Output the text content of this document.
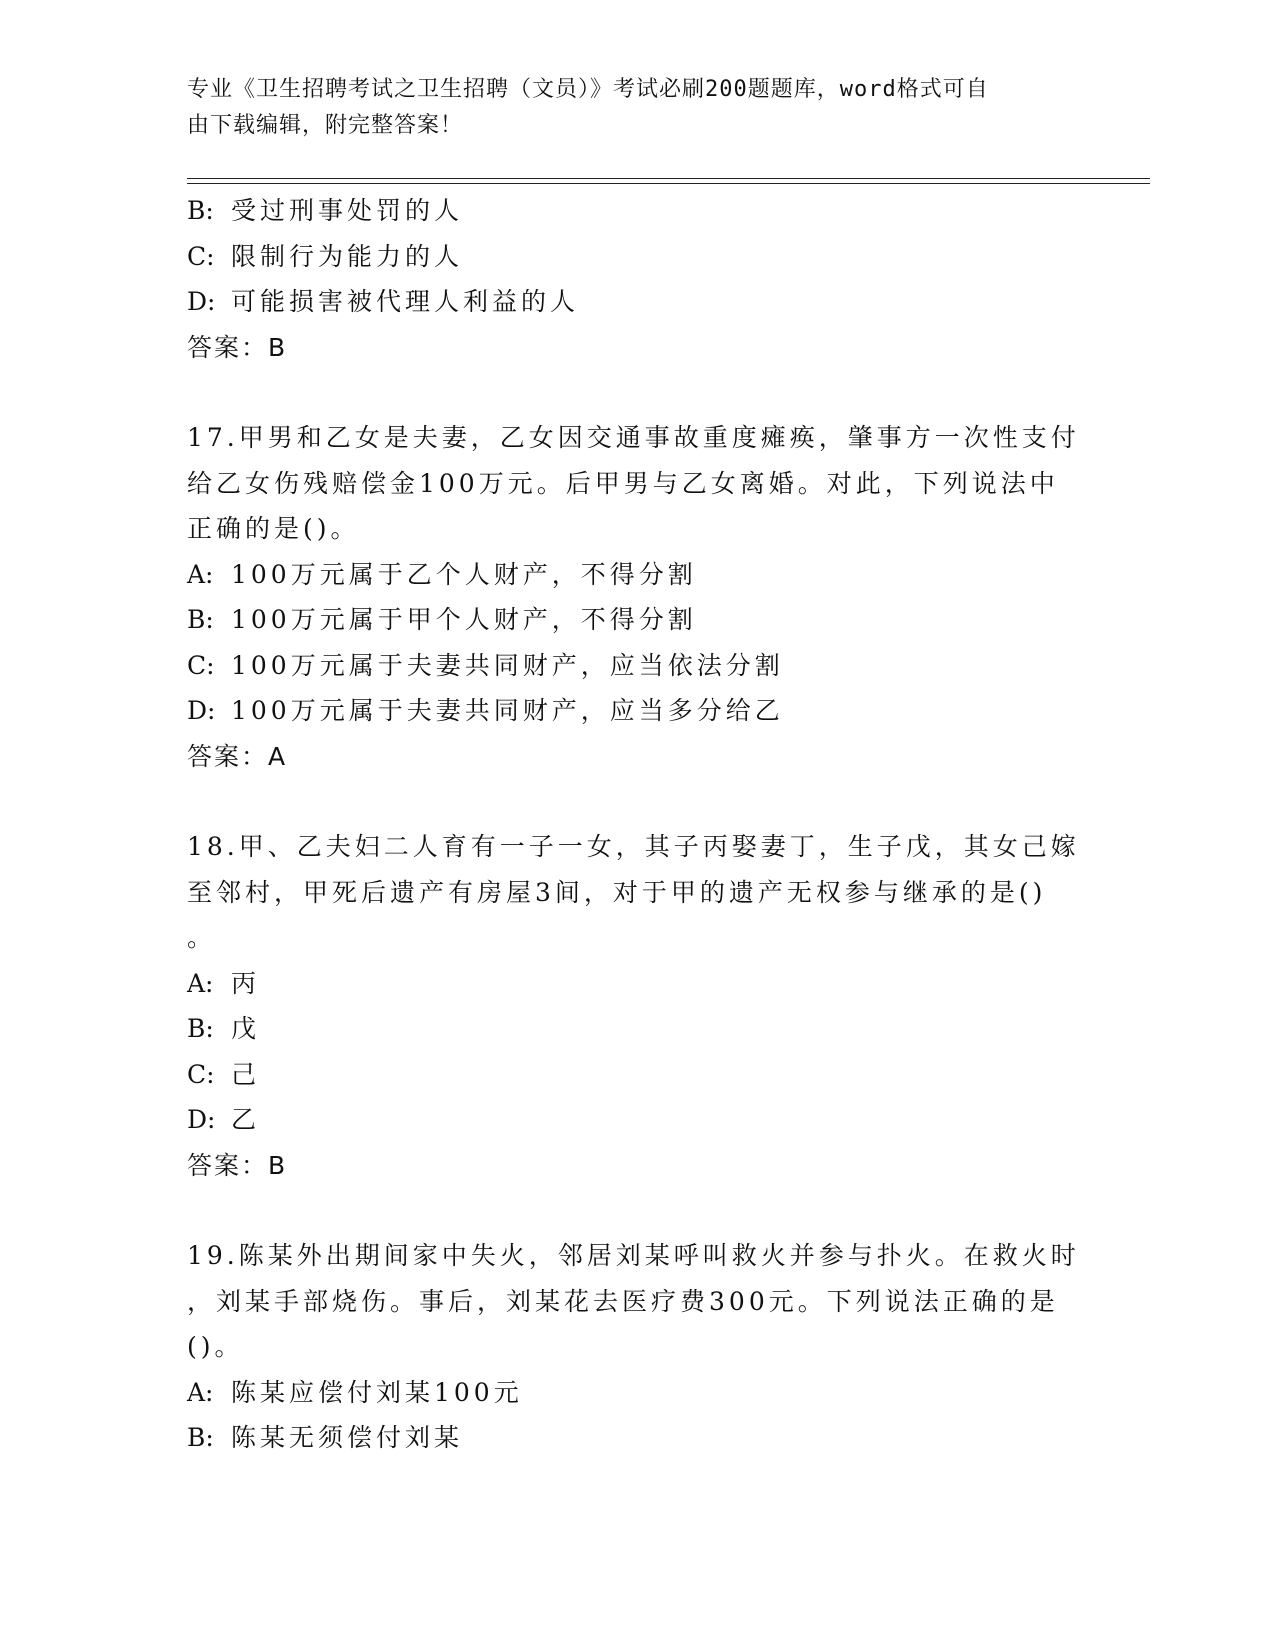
专业《卫生招聘考试之卫生招聘（文员）》考试必刷200题题库，word格式可自
由下载编辑，附完整答案！
B: 受过刑事处罚的人
C: 限制行为能力的人
D: 可能损害被代理人利益的人
答案：B
17.甲男和乙女是夫妻，乙女因交通事故重度瘫痪，肇事方一次性支付
给乙女伤残赔偿金100万元。后甲男与乙女离婚。对此，下列说法中
正确的是()。
A: 100万元属于乙个人财产，不得分割
B: 100万元属于甲个人财产，不得分割
C: 100万元属于夫妻共同财产，应当依法分割
D: 100万元属于夫妻共同财产，应当多分给乙
答案：A
18.甲、乙夫妇二人育有一子一女，其子丙娶妻丁，生子戊，其女己嫁
至邻村，甲死后遗产有房屋3间，对于甲的遗产无权参与继承的是()
。
A: 丙
B: 戊
C: 己
D: 乙
答案：B
19.陈某外出期间家中失火，邻居刘某呼叫救火并参与扑火。在救火时
，刘某手部烧伤。事后，刘某花去医疗费300元。下列说法正确的是
()。
A: 陈某应偿付刘某100元
B: 陈某无须偿付刘某
